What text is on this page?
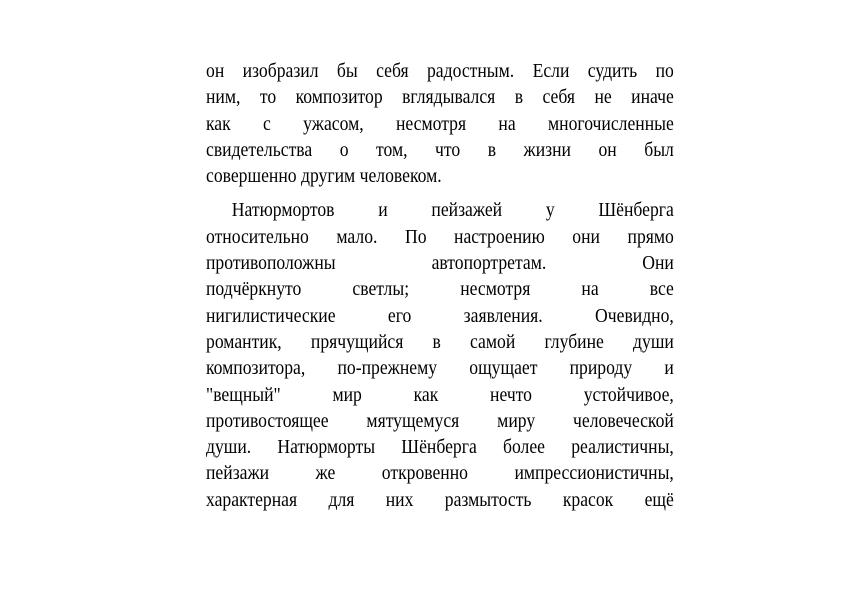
он изобразил бы себя радостным. Если судить по
ним, то композитор вглядывался в себя не иначе
как с ужасом, несмотря на многочисленные
свидетельства о том, что в жизни он был
совершенно другим человеком.

Натюрмортов и пейзажей у Шёнберга
относительно мало. По настроению они прямо
противоположны автопортретам. Они
подчёркнуто светлы; несмотря на все
нигилистические его заявления. Очевидно,
романтик, прячущийся в самой глубине души
композитора, по-прежнему ощущает природу и
"вещный" мир как нечто устойчивое,
противостоящее мятущемуся миру человеческой
души. Натюрморты Шёнберга более реалистичны,
пейзажи же откровенно импрессионистичны,
характерная для них размытость красок ещё
